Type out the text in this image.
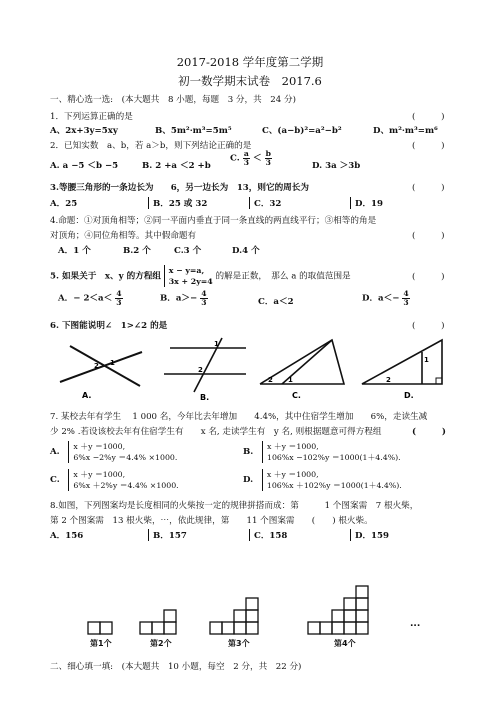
2017-2018 学年度第二学期
初一数学期末试卷　2017.6
一、精心选一选:　(本大题共　8 小题，每题　3 分，共　24 分)
1．下列运算正确的是	(　　　)
A、2x+3y=5xy	B、5m²·m³=5m⁵	C、(a−b)²=a²−b²	D、m²·m³=m⁶
2．已知实数　a、b，若 a＞b，则下列结论正确的是	(　　　)
A. a −5 ＜b −5	B. 2 +a ＜2 +b
C. $\frac{a}{3} < \frac{b}{3}$	D. 3a ＞3b
3.等腰三角形的一条边长为　　6，另一边长为　13，则它的周长为	(　　　)
A．25	B．25 或 32	C．32	D．19
4.命题：①对顶角相等；②同一平面内垂直于同一条直线的两直线平行；③相等的角是
对顶角；④同位角相等。其中假命题有	(　　　)
A．1 个	B.2 个	C.3 个	D.4 个
5. 如果关于　x、y 的方程组
x − y=a,
3x + 2y=4 的解是正数，　那么 a 的取值范围是	(　　　)
A．− $2<a< \frac{4}{3}$	B．$a>- \frac{4}{3}$	C．a＜2	D．$a<- \frac{4}{3}$
6. 下图能说明∠　1>∠2 的是	(　　　)
2 1
A.
1
2
B.
2 1
C.
1
2
D.
7. 某校去年有学生　 1 000 名，今年比去年增加　　4.4%，其中住宿学生增加　　6%，走读生减
少 2% .若设该校去年有住宿学生有　　x 名, 走读学生有　y 名, 则根据题意可得方程组	(　　　)
A.
x ＋y ＝1000,
6%x −2%y ＝4.4% ×1000.
B.
x ＋y ＝1000,
106%x −102%y ＝1000(1＋4.4%).
C.
x ＋y ＝1000,
6%x ＋2%y ＝4.4% ×1000.
D.
x ＋y ＝1000,
106%x ＋102%y ＝1000(1＋4.4%).
8.如图，下列图案均是长度相同的火柴按一定的规律拼搭而成：第　　　1 个图案需　7 根火柴，
第 2 个图案需　13 根火柴，⋯，依此规律，第　　11 个图案需　　(　　) 根火柴。
A．156	B．157	C．158	D．159
第1个	第2个	第3个	第4个
...
二、细心填一填:　(本大题共　10 小题，每空　2 分，共　22 分)
